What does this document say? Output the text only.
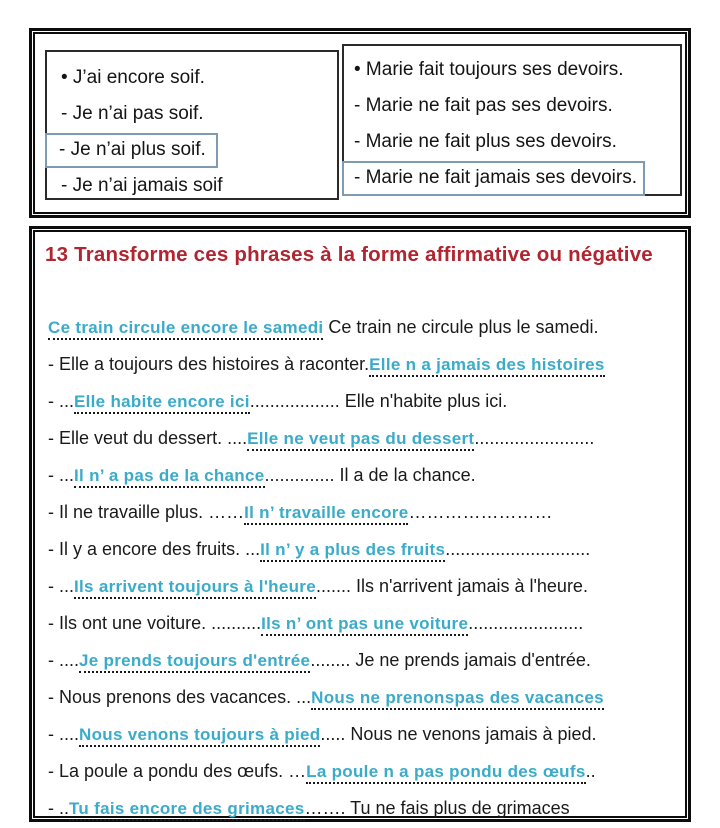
• J’ai encore soif.
- Je n’ai pas soif.
- Je n’ai plus soif.
- Je n’ai jamais soif
• Marie fait toujours ses devoirs.
- Marie ne fait pas ses devoirs.
- Marie ne fait plus ses devoirs.
- Marie ne fait jamais ses devoirs.
13 Transforme ces phrases à la forme affirmative ou négative
Ce train circule encore le samedi Ce train ne circule plus le samedi.
- Elle a toujours des histoires à raconter.Elle n a jamais des histoires
- ...Elle habite encore ici.................. Elle n'habite plus ici.
- Elle veut du dessert. ....Elle ne veut pas du dessert........................
- ...Il n’ a pas de la chance.............. Il a de la chance.
- Il ne travaille plus. ……Il n’ travaille encore……………………
- Il y a encore des fruits. ...Il n’ y a plus des fruits.............................
- ...Ils arrivent toujours à l'heure....... Ils n'arrivent jamais à l'heure.
- Ils ont une voiture. ..........Ils n’ ont pas une voiture.......................
- ....Je prends toujours d'entrée........ Je ne prends jamais d'entrée.
- Nous prenons des vacances. ...Nous ne prenonspas des vacances
- ....Nous venons toujours à pied..... Nous ne venons jamais à pied.
- La poule a pondu des œufs. …La poule n a pas pondu des œufs..
- ..Tu fais encore des grimaces……. Tu ne fais plus de grimaces
